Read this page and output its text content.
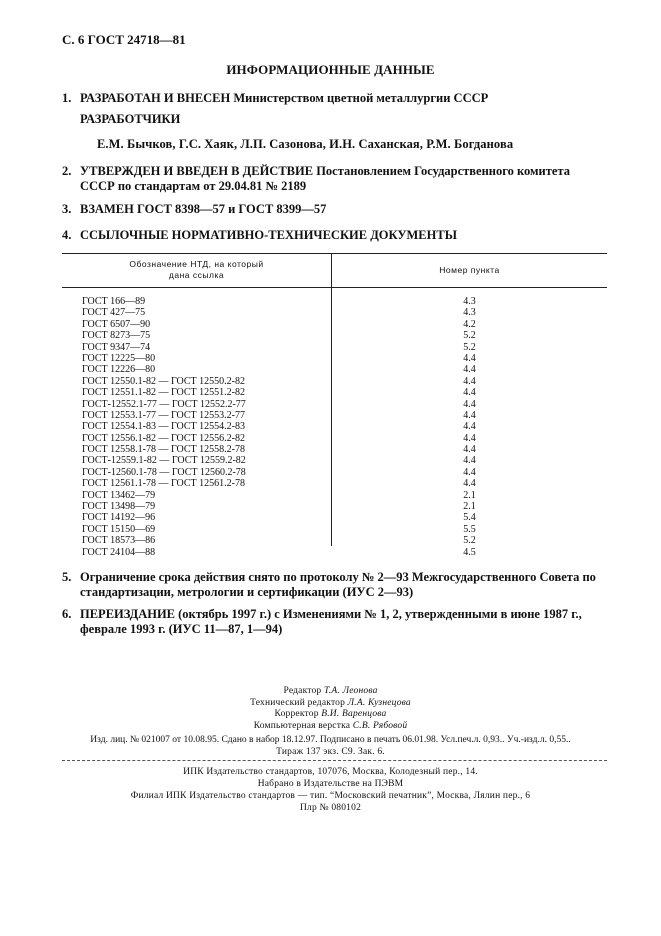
С. 6 ГОСТ 24718—81
ИНФОРМАЦИОННЫЕ ДАННЫЕ
1. РАЗРАБОТАН И ВНЕСЕН Министерством цветной металлургии СССР
РАЗРАБОТЧИКИ
Е.М. Бычков, Г.С. Хаяк, Л.П. Сазонова, И.Н. Саханская, Р.М. Богданова
2. УТВЕРЖДЕН И ВВЕДЕН В ДЕЙСТВИЕ Постановлением Государственного комитета СССР по стандартам от 29.04.81 № 2189
3. ВЗАМЕН ГОСТ 8398—57 и ГОСТ 8399—57
4. ССЫЛОЧНЫЕ НОРМАТИВНО-ТЕХНИЧЕСКИЕ ДОКУМЕНТЫ
Обозначение НТД, на который
дана ссылка	Номер пункта
ГОСТ 166—89	4.3
ГОСТ 427—75	4.3
ГОСТ 6507—90	4.2
ГОСТ 8273—75	5.2
ГОСТ 9347—74	5.2
ГОСТ 12225—80	4.4
ГОСТ 12226—80	4.4
ГОСТ 12550.1-82 — ГОСТ 12550.2-82	4.4
ГОСТ 12551.1-82 — ГОСТ 12551.2-82	4.4
ГОСТ-12552.1-77 — ГОСТ 12552.2-77	4.4
ГОСТ 12553.1-77 — ГОСТ 12553.2-77	4.4
ГОСТ 12554.1-83 — ГОСТ 12554.2-83	4.4
ГОСТ 12556.1-82 — ГОСТ 12556.2-82	4.4
ГОСТ 12558.1-78 — ГОСТ 12558.2-78	4.4
ГОСТ-12559.1-82 — ГОСТ 12559.2-82	4.4
ГОСТ-12560.1-78 — ГОСТ 12560.2-78	4.4
ГОСТ 12561.1-78 — ГОСТ 12561.2-78	4.4
ГОСТ 13462—79	2.1
ГОСТ 13498—79	2.1
ГОСТ 14192—96	5.4
ГОСТ 15150—69	5.5
ГОСТ 18573—86	5.2
ГОСТ 24104—88	4.5
5. Ограничение срока действия снято по протоколу № 2—93 Межгосударственного Совета по стандартизации, метрологии и сертификации (ИУС 2—93)
6. ПЕРЕИЗДАНИЕ (октябрь 1997 г.) с Изменениями № 1, 2, утвержденными в июне 1987 г., феврале 1993 г. (ИУС 11—87, 1—94)
Редактор Т.А. Леонова
Технический редактор Л.А. Кузнецова
Корректор В.И. Варенцова
Компьютерная верстка С.В. Рябовой
Изд. лиц. № 021007 от 10.08.95. Сдано в набор 18.12.97. Подписано в печать 06.01.98. Усл.печ.л. 0,93.. Уч.-изд.л. 0,55..
Тираж 137 экз. С9. Зак. 6.
ИПК Издательство стандартов, 107076, Москва, Колодезный пер., 14.
Набрано в Издательстве на ПЭВМ
Филиал ИПК Издательство стандартов — тип. “Московский печатник”, Москва, Лялин пер., 6
Плр № 080102
